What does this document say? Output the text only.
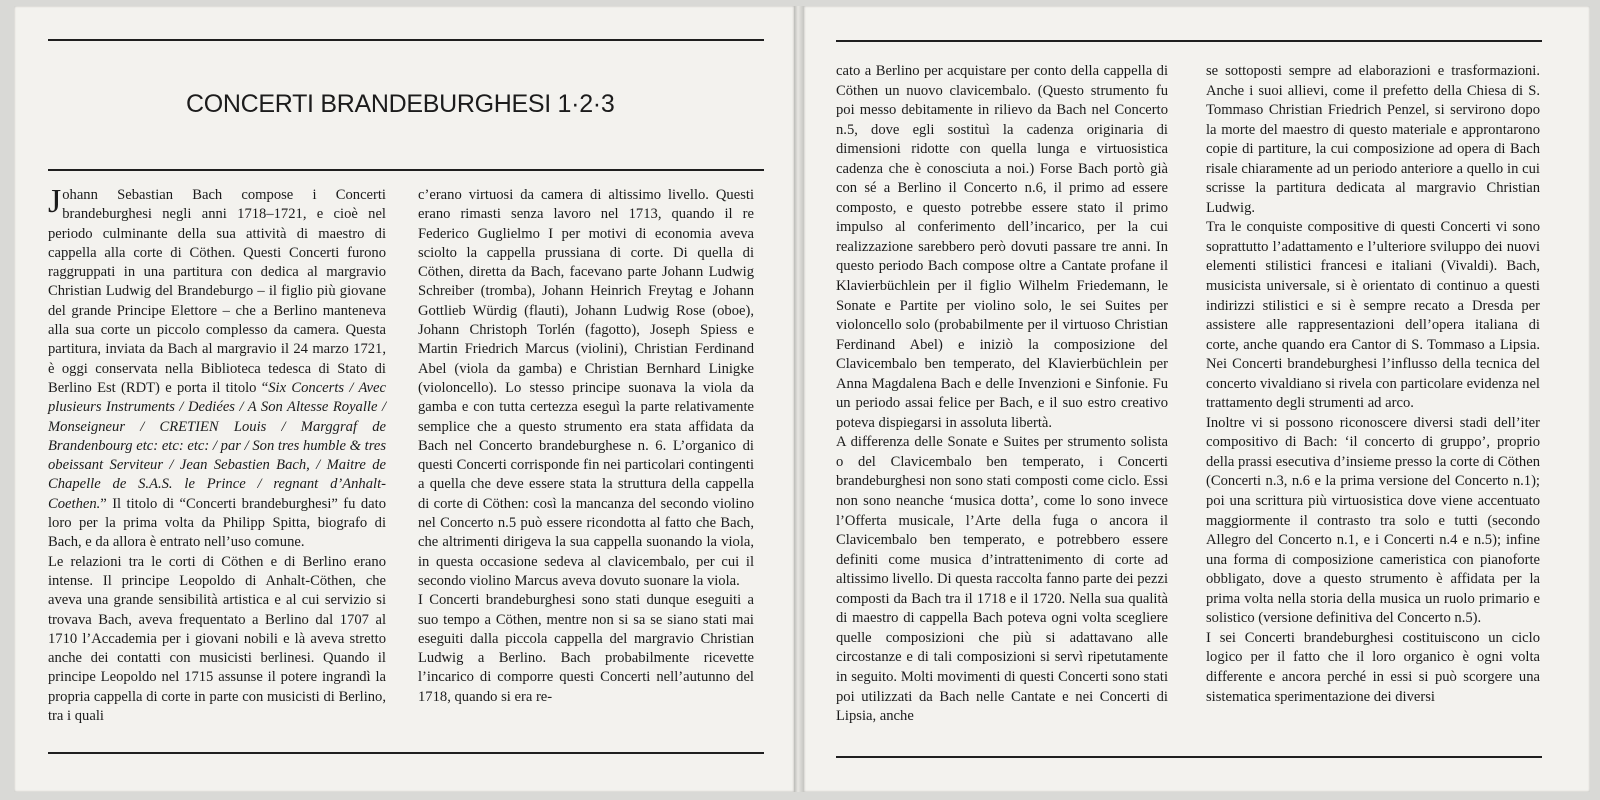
CONCERTI BRANDEBURGHESI 1·2·3

Johann Sebastian Bach compose i Concerti brandeburghesi negli anni 1718–1721, e cioè nel periodo culminante della sua attività di maestro di cappella alla corte di Cöthen. Questi Concerti furono raggruppati in una partitura con dedica al margravio Christian Ludwig del Brandeburgo – il figlio più giovane del grande Principe Elettore – che a Berlino manteneva alla sua corte un piccolo complesso da camera. Questa partitura, inviata da Bach al margravio il 24 marzo 1721, è oggi conservata nella Biblioteca tedesca di Stato di Berlino Est (RDT) e porta il titolo “Six Concerts / Avec plusieurs Instruments / Dediées / A Son Altesse Royalle / Monseigneur / CRETIEN Louis / Marggraf de Brandenbourg etc: etc: etc: / par / Son tres humble & tres obeissant Serviteur / Jean Sebastien Bach, / Maitre de Chapelle de S.A.S. le Prince / regnant d’Anhalt-Coethen.” Il titolo di “Concerti brandeburghesi” fu dato loro per la prima volta da Philipp Spitta, biografo di Bach, e da allora è entrato nell’uso comune.

Le relazioni tra le corti di Cöthen e di Berlino erano intense. Il principe Leopoldo di Anhalt-Cöthen, che aveva una grande sensibilità artistica e al cui servizio si trovava Bach, aveva frequentato a Berlino dal 1707 al 1710 l’Accademia per i giovani nobili e là aveva stretto anche dei contatti con musicisti berlinesi. Quando il principe Leopoldo nel 1715 assunse il potere ingrandì la propria cappella di corte in parte con musicisti di Berlino, tra i quali

c’erano virtuosi da camera di altissimo livello. Questi erano rimasti senza lavoro nel 1713, quando il re Federico Guglielmo I per motivi di economia aveva sciolto la cappella prussiana di corte. Di quella di Cöthen, diretta da Bach, facevano parte Johann Ludwig Schreiber (tromba), Johann Heinrich Freytag e Johann Gottlieb Würdig (flauti), Johann Ludwig Rose (oboe), Johann Christoph Torlén (fagotto), Joseph Spiess e Martin Friedrich Marcus (violini), Christian Ferdinand Abel (viola da gamba) e Christian Bernhard Linigke (violoncello). Lo stesso principe suonava la viola da gamba e con tutta certezza eseguì la parte relativamente semplice che a questo strumento era stata affidata da Bach nel Concerto brandeburghese n. 6. L’organico di questi Concerti corrisponde fin nei particolari contingenti a quella che deve essere stata la struttura della cappella di corte di Cöthen: così la mancanza del secondo violino nel Concerto n.5 può essere ricondotta al fatto che Bach, che altrimenti dirigeva la sua cappella suonando la viola, in questa occasione sedeva al clavicembalo, per cui il secondo violino Marcus aveva dovuto suonare la viola.

I Concerti brandeburghesi sono stati dunque eseguiti a suo tempo a Cöthen, mentre non si sa se siano stati mai eseguiti dalla piccola cappella del margravio Christian Ludwig a Berlino. Bach probabilmente ricevette l’incarico di comporre questi Concerti nell’autunno del 1718, quando si era re-

cato a Berlino per acquistare per conto della cappella di Cöthen un nuovo clavicembalo. (Questo strumento fu poi messo debitamente in rilievo da Bach nel Concerto n.5, dove egli sostituì la cadenza originaria di dimensioni ridotte con quella lunga e virtuosistica cadenza che è conosciuta a noi.) Forse Bach portò già con sé a Berlino il Concerto n.6, il primo ad essere composto, e questo potrebbe essere stato il primo impulso al conferimento dell’incarico, per la cui realizzazione sarebbero però dovuti passare tre anni. In questo periodo Bach compose oltre a Cantate profane il Klavierbüchlein per il figlio Wilhelm Friedemann, le Sonate e Partite per violino solo, le sei Suites per violoncello solo (probabilmente per il virtuoso Christian Ferdinand Abel) e iniziò la composizione del Clavicembalo ben temperato, del Klavierbüchlein per Anna Magdalena Bach e delle Invenzioni e Sinfonie. Fu un periodo assai felice per Bach, e il suo estro creativo poteva dispiegarsi in assoluta libertà.

A differenza delle Sonate e Suites per strumento solista o del Clavicembalo ben temperato, i Concerti brandeburghesi non sono stati composti come ciclo. Essi non sono neanche ‘musica dotta’, come lo sono invece l’Offerta musicale, l’Arte della fuga o ancora il Clavicembalo ben temperato, e potrebbero essere definiti come musica d’intrattenimento di corte ad altissimo livello. Di questa raccolta fanno parte dei pezzi composti da Bach tra il 1718 e il 1720. Nella sua qualità di maestro di cappella Bach poteva ogni volta scegliere quelle composizioni che più si adattavano alle circostanze e di tali composizioni si servì ripetutamente in seguito. Molti movimenti di questi Concerti sono stati poi utilizzati da Bach nelle Cantate e nei Concerti di Lipsia, anche

se sottoposti sempre ad elaborazioni e trasformazioni. Anche i suoi allievi, come il prefetto della Chiesa di S. Tommaso Christian Friedrich Penzel, si servirono dopo la morte del maestro di questo materiale e approntarono copie di partiture, la cui composizione ad opera di Bach risale chiaramente ad un periodo anteriore a quello in cui scrisse la partitura dedicata al margravio Christian Ludwig.

Tra le conquiste compositive di questi Concerti vi sono soprattutto l’adattamento e l’ulteriore sviluppo dei nuovi elementi stilistici francesi e italiani (Vivaldi). Bach, musicista universale, si è orientato di continuo a questi indirizzi stilistici e si è sempre recato a Dresda per assistere alle rappresentazioni dell’opera italiana di corte, anche quando era Cantor di S. Tommaso a Lipsia. Nei Concerti brandeburghesi l’influsso della tecnica del concerto vivaldiano si rivela con particolare evidenza nel trattamento degli strumenti ad arco.

Inoltre vi si possono riconoscere diversi stadi dell’iter compositivo di Bach: ‘il concerto di gruppo’, proprio della prassi esecutiva d’insieme presso la corte di Cöthen (Concerti n.3, n.6 e la prima versione del Concerto n.1); poi una scrittura più virtuosistica dove viene accentuato maggiormente il contrasto tra solo e tutti (secondo Allegro del Concerto n.1, e i Concerti n.4 e n.5); infine una forma di composizione cameristica con pianoforte obbligato, dove a questo strumento è affidata per la prima volta nella storia della musica un ruolo primario e solistico (versione definitiva del Concerto n.5).

I sei Concerti brandeburghesi costituiscono un ciclo logico per il fatto che il loro organico è ogni volta differente e ancora perché in essi si può scorgere una sistematica sperimentazione dei diversi
